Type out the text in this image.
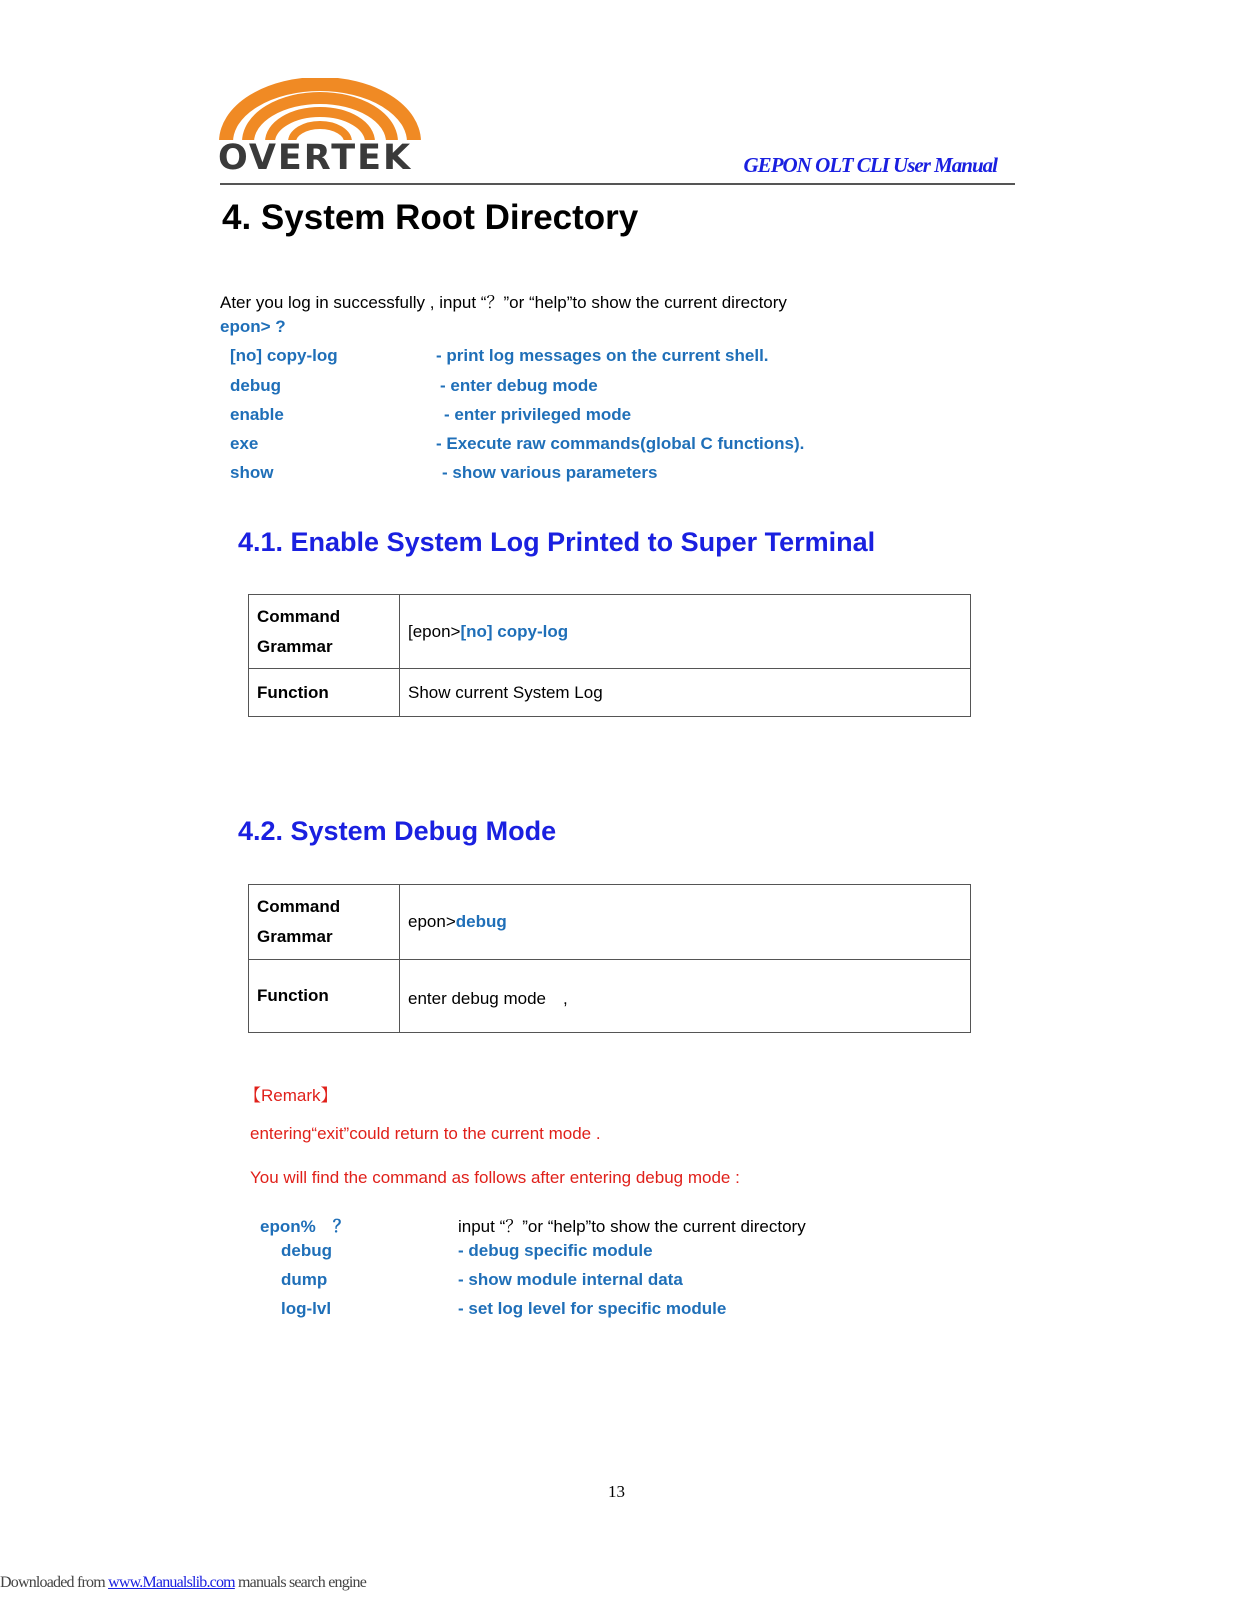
OVERTEK	GEPON OLT CLI User Manual
4. System Root Directory
Ater you log in successfully , input “？”or “help”to show the current directory
epon> ?
[no] copy-log	- print log messages on the current shell.
debug	- enter debug mode
enable	- enter privileged mode
exe	- Execute raw commands(global C functions).
show	- show various parameters
4.1. Enable System Log Printed to Super Terminal
Command
Grammar	[epon>[no] copy-log
Function	Show current System Log
4.2. System Debug Mode
Command
Grammar	epon>debug
Function	enter debug mode　,
【Remark】
entering“exit”could return to the current mode .
You will find the command as follows after entering debug mode :
epon%　？	input “？”or “help”to show the current directory
debug	- debug specific module
dump	- show module internal data
log-lvl	- set log level for specific module
13
Downloaded from www.Manualslib.com manuals search engine
